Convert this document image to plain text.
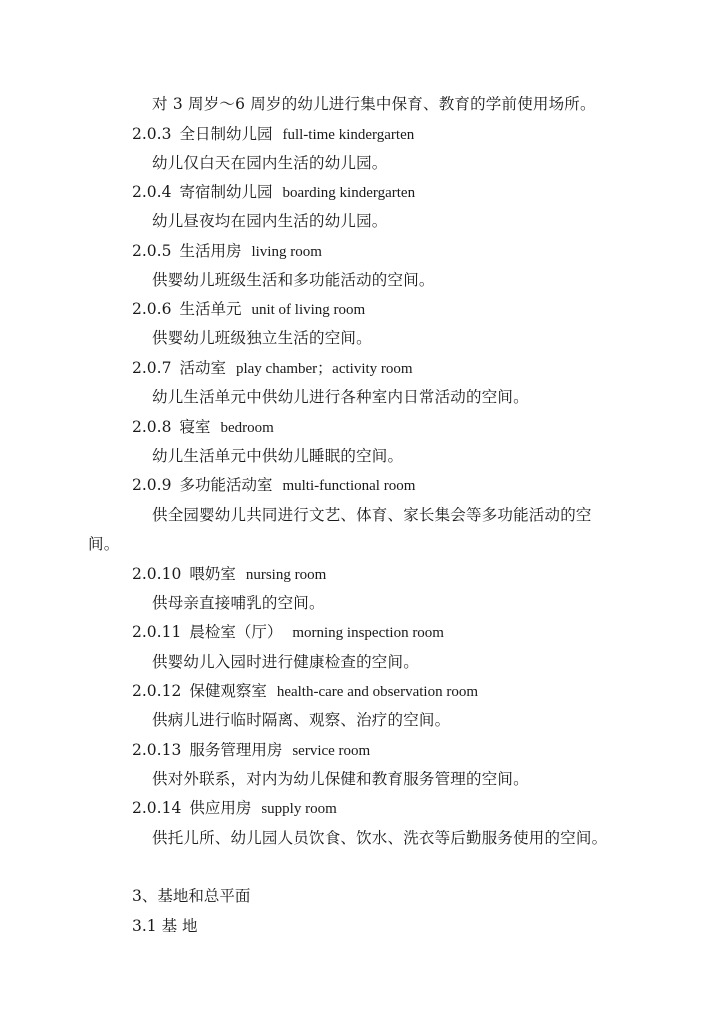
对 3 周岁～6 周岁的幼儿进行集中保育、教育的学前使用场所。
2.0.3 全日制幼儿园 full-time kindergarten
幼儿仅白天在园内生活的幼儿园。
2.0.4 寄宿制幼儿园 boarding kindergarten
幼儿昼夜均在园内生活的幼儿园。
2.0.5 生活用房 living room
供婴幼儿班级生活和多功能活动的空间。
2.0.6 生活单元 unit of living room
供婴幼儿班级独立生活的空间。
2.0.7 活动室 play chamber；activity room
幼儿生活单元中供幼儿进行各种室内日常活动的空间。
2.0.8 寝室 bedroom
幼儿生活单元中供幼儿睡眠的空间。
2.0.9 多功能活动室 multi-functional room
供全园婴幼儿共同进行文艺、体育、家长集会等多功能活动的空
间。
2.0.10 喂奶室 nursing room
供母亲直接哺乳的空间。
2.0.11 晨检室（厅） morning inspection room
供婴幼儿入园时进行健康检查的空间。
2.0.12 保健观察室 health-care and observation room
供病儿进行临时隔离、观察、治疗的空间。
2.0.13 服务管理用房 service room
供对外联系，对内为幼儿保健和教育服务管理的空间。
2.0.14 供应用房 supply room
供托儿所、幼儿园人员饮食、饮水、洗衣等后勤服务使用的空间。
3、基地和总平面
3.1 基 地
